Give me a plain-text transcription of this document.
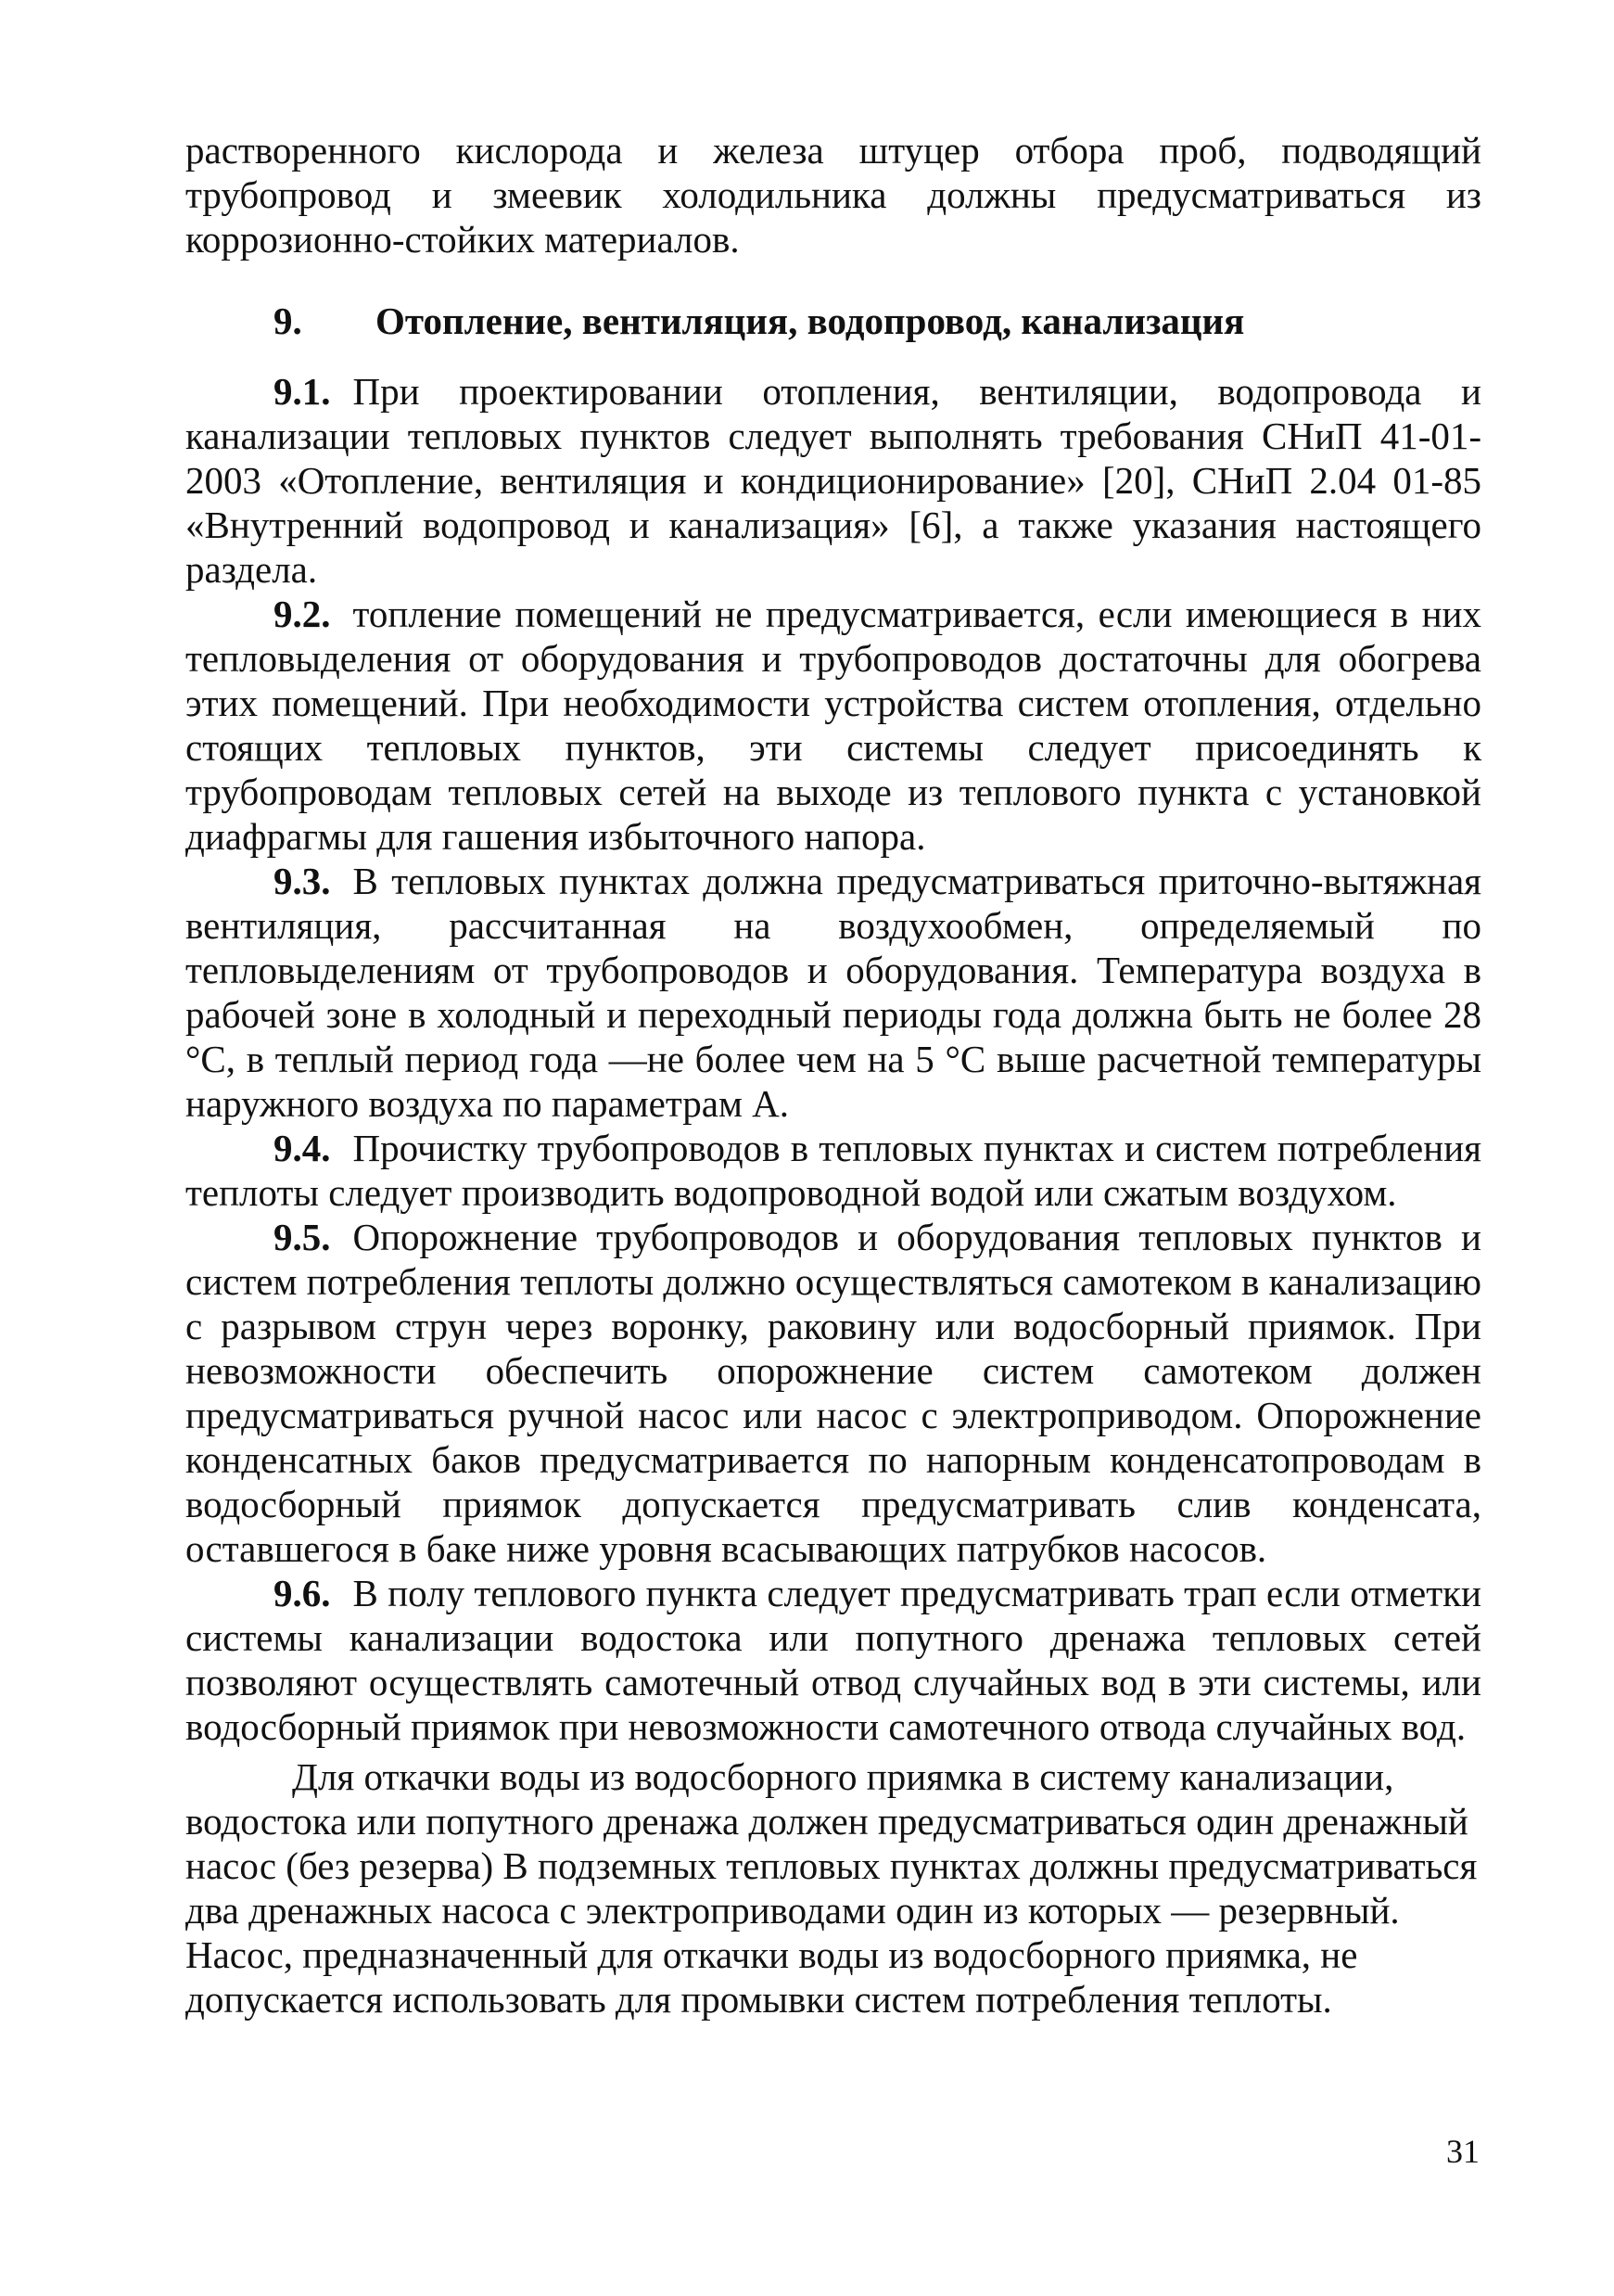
растворенного кислорода и железа штуцер отбора проб, подводящий трубопровод и змеевик холодильника должны предусматриваться из коррозионно-стойких материалов.

9. Отопление, вентиляция, водопровод, канализация

9.1. При проектировании отопления, вентиляции, водопровода и канализации тепловых пунктов следует выполнять требования СНиП 41-01-2003 «Отопление, вентиляция и кондиционирование» [20], СНиП 2.04 01-85 «Внутренний водопровод и канализация» [6], а также указания настоящего раздела.

9.2. топление помещений не предусматривается, если имеющиеся в них тепловыделения от оборудования и трубопроводов достаточны для обогрева этих помещений. При необходимости устройства систем отопления, отдельно стоящих тепловых пунктов, эти системы следует присоединять к трубопроводам тепловых сетей на выходе из теплового пункта с установкой диафрагмы для гашения избыточного напора.

9.3. В тепловых пунктах должна предусматриваться приточно-вытяжная вентиляция, рассчитанная на воздухообмен, определяемый по тепловыделениям от трубопроводов и оборудования. Температура воздуха в рабочей зоне в холодный и переходный периоды года должна быть не более 28 °С, в теплый период года —не более чем на 5 °С выше расчетной температуры наружного воздуха по параметрам А.

9.4. Прочистку трубопроводов в тепловых пунктах и систем потребления теплоты следует производить водопроводной водой или сжатым воздухом.

9.5. Опорожнение трубопроводов и оборудования тепловых пунктов и систем потребления теплоты должно осуществляться самотеком в канализацию с разрывом струн через воронку, раковину или водосборный приямок. При невозможности обеспечить опорожнение систем самотеком должен предусматриваться ручной насос или насос с электроприводом. Опорожнение конденсатных баков предусматривается по напорным конденсатопроводам в водосборный приямок допускается предусматривать слив конденсата, оставшегося в баке ниже уровня всасывающих патрубков насосов.

9.6. В полу теплового пункта следует предусматривать трап если отметки системы канализации водостока или попутного дренажа тепловых сетей позволяют осуществлять самотечный отвод случайных вод в эти системы, или водосборный приямок при невозможности самотечного отвода случайных вод.

Для откачки воды из водосборного приямка в систему канализации, водостока или попутного дренажа должен предусматриваться один дренажный насос (без резерва) В подземных тепловых пунктах должны предусматриваться два дренажных насоса с электроприводами один из которых — резервный. Насос, предназначенный для откачки воды из водосборного приямка, не допускается использовать для промывки систем потребления теплоты.

31
